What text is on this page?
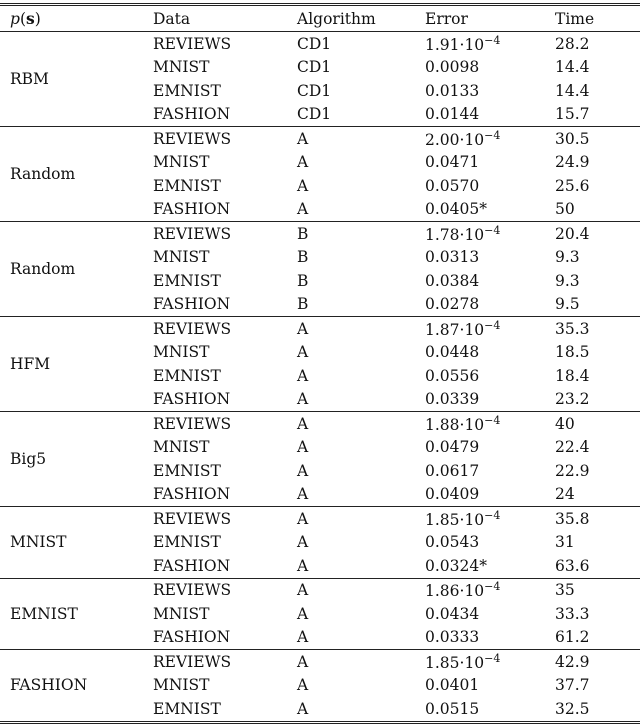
p(s)	Data	Algorithm	Error	Time
RBM	REVIEWS	CD1	$1.91\cdot 10^{-4}$	28.2
	MNIST	CD1	0.0098	14.4
	EMNIST	CD1	0.0133	14.4
	FASHION	CD1	0.0144	15.7
Random	REVIEWS	A	$2.00\cdot 10^{-4}$	30.5
	MNIST	A	0.0471	24.9
	EMNIST	A	0.0570	25.6
	FASHION	A	0.0405*	50
Random	REVIEWS	B	$1.78\cdot 10^{-4}$	20.4
	MNIST	B	0.0313	9.3
	EMNIST	B	0.0384	9.3
	FASHION	B	0.0278	9.5
HFM	REVIEWS	A	$1.87\cdot 10^{-4}$	35.3
	MNIST	A	0.0448	18.5
	EMNIST	A	0.0556	18.4
	FASHION	A	0.0339	23.2
Big5	REVIEWS	A	$1.88\cdot 10^{-4}$	40
	MNIST	A	0.0479	22.4
	EMNIST	A	0.0617	22.9
	FASHION	A	0.0409	24
MNIST	REVIEWS	A	$1.85\cdot 10^{-4}$	35.8
	EMNIST	A	0.0543	31
	FASHION	A	0.0324*	63.6
EMNIST	REVIEWS	A	$1.86\cdot 10^{-4}$	35
	MNIST	A	0.0434	33.3
	FASHION	A	0.0333	61.2
FASHION	REVIEWS	A	$1.85\cdot 10^{-4}$	42.9
	MNIST	A	0.0401	37.7
	EMNIST	A	0.0515	32.5
